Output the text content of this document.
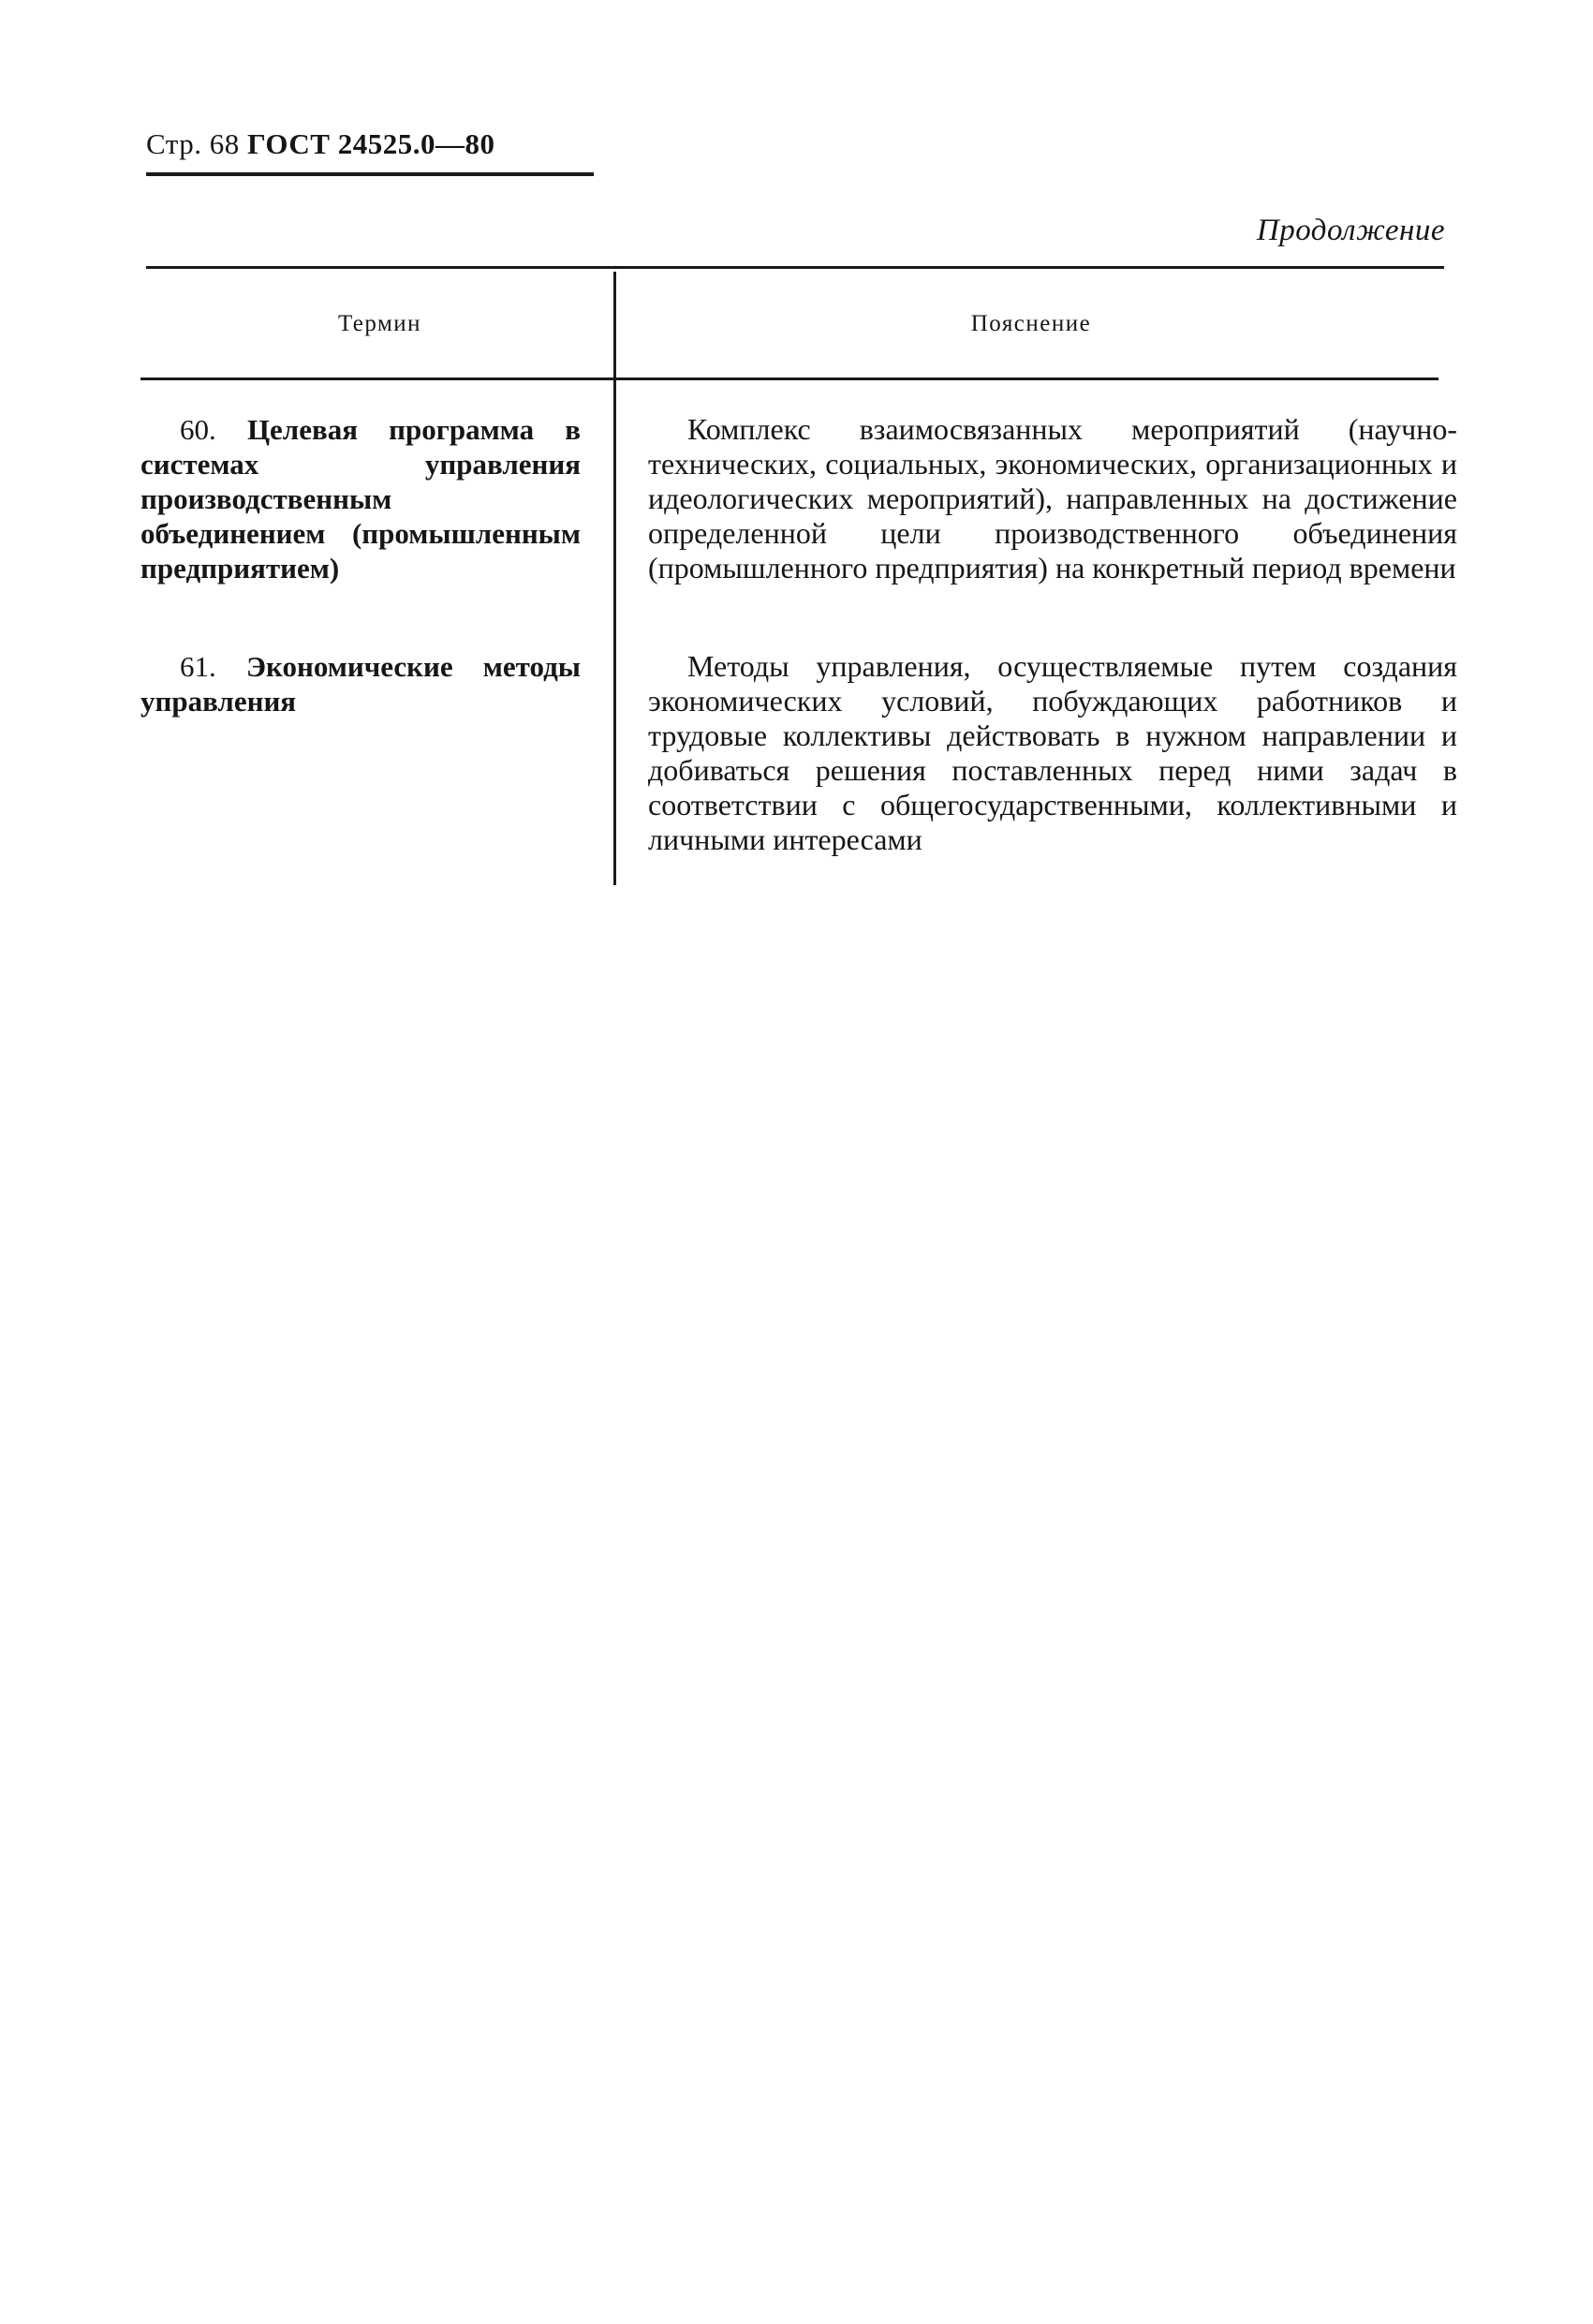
Стр. 68 ГОСТ 24525.0—80
Продолжение
Термин	Пояснение
60. Целевая программа в системах управления производственным объединением (промышленным предприятием)
Комплекс взаимосвязанных мероприятий (научно-технических, социальных, экономических, организационных и идеологических мероприятий), направленных на достижение определенной цели производственного объединения (промышленного предприятия) на конкретный период времени
61. Экономические методы управления
Методы управления, осуществляемые путем создания экономических условий, побуждающих работников и трудовые коллективы действовать в нужном направлении и добиваться решения поставленных перед ними задач в соответствии с общегосударственными, коллективными и личными интересами
